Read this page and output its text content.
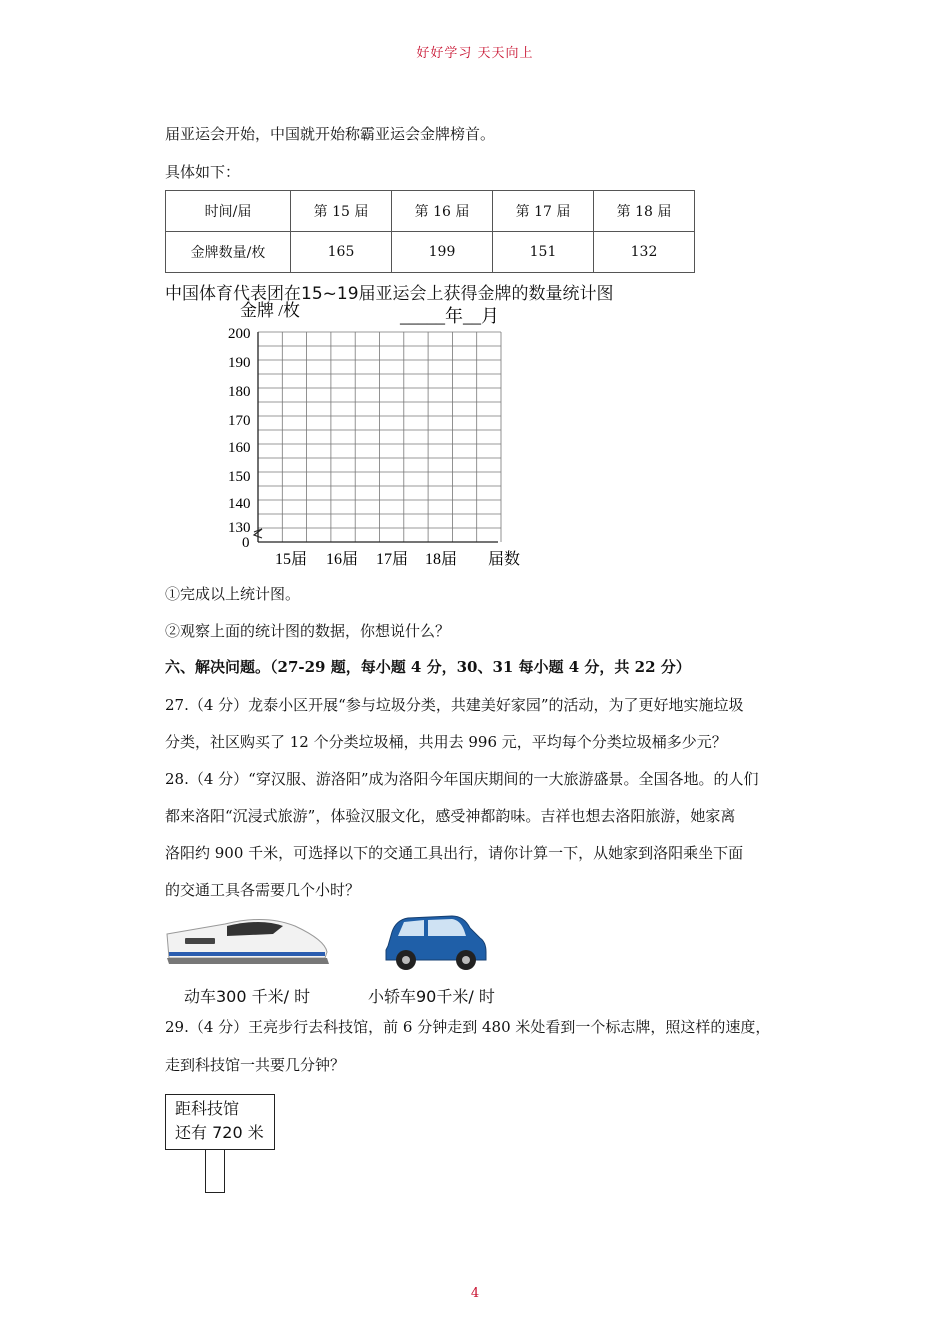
好好学习 天天向上
届亚运会开始，中国就开始称霸亚运会金牌榜首。
具体如下：
时间/届	第 15 届	第 16 届	第 17 届	第 18 届
金牌数量/枚	165	199	151	132
中国体育代表团在15~19届亚运会上获得金牌的数量统计图
金牌 /枚	_____年__月
200
190
180
170
160
150
140
130
0
15届 16届 17届 18届 届数
①完成以上统计图。
②观察上面的统计图的数据，你想说什么？
六、解决问题。（27-29 题，每小题 4 分，30、31 每小题 4 分，共 22 分）
27.（4 分）龙泰小区开展“参与垃圾分类，共建美好家园”的活动，为了更好地实施垃圾
分类，社区购买了 12 个分类垃圾桶，共用去 996 元，平均每个分类垃圾桶多少元？
28.（4 分）“穿汉服、游洛阳”成为洛阳今年国庆期间的一大旅游盛景。全国各地。的人们
都来洛阳“沉浸式旅游”，体验汉服文化，感受神都韵味。吉祥也想去洛阳旅游，她家离
洛阳约 900 千米，可选择以下的交通工具出行，请你计算一下，从她家到洛阳乘坐下面
的交通工具各需要几个小时？
动车300 千米/ 时	小轿车90千米/ 时
29.（4 分）王亮步行去科技馆，前 6 分钟走到 480 米处看到一个标志牌，照这样的速度，
走到科技馆一共要几分钟？
距科技馆
还有 720 米
4
